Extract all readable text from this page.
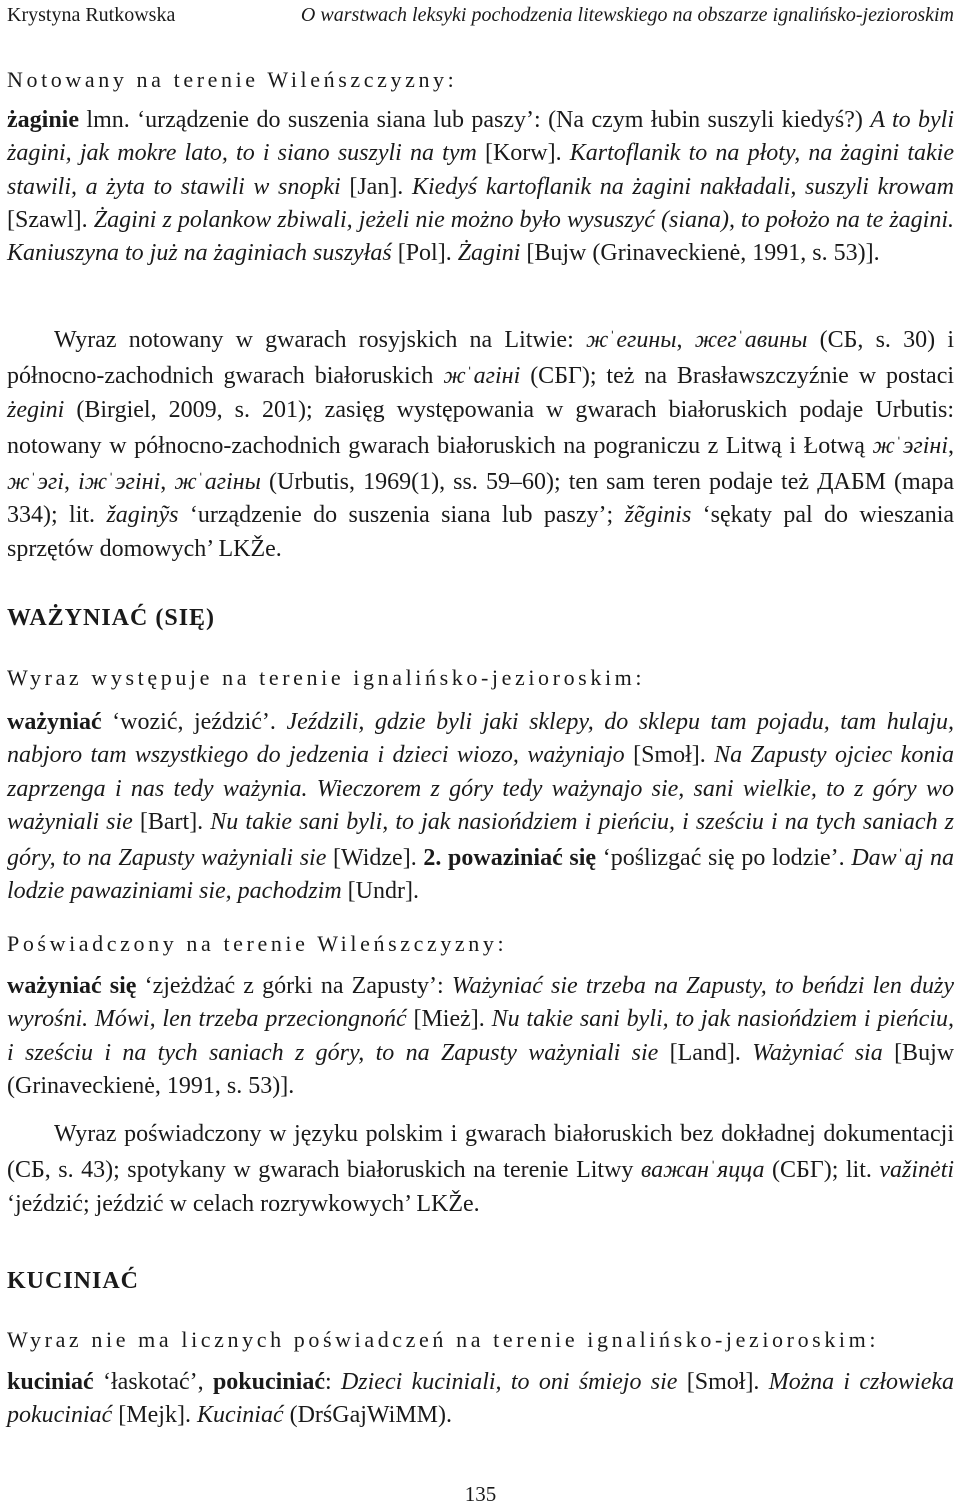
Krystyna Rutkowska	O warstwach leksyki pochodzenia litewskiego na obszarze ignalińsko-jezioroskim
Notowany na terenie Wileńszczyzny:
żaginie lmn. ‘urządzenie do suszenia siana lub paszy’: (Na czym łubin suszyli kiedyś?) A to byli żagini, jak mokre lato, to i siano suszyli na tym [Korw]. Kartoflanik to na płoty, na żagini takie stawili, a żyta to stawili w snopki [Jan]. Kiedyś kartoflanik na żagini nakładali, suszyli krowam [Szawl]. Żagini z polankow zbiwali, jeżeli nie możno było wysuszyć (siana), to położo na te żagini. Kaniuszyna to już na żaginiach suszyłaś [Pol]. Żagini [Bujw (Grinaveckienė, 1991, s. 53)].
Wyraz notowany w gwarach rosyjskich na Litwie: жˈегины, жегˈавины (СБ, s. 30) i północno-zachodnich gwarach białoruskich жˈагіні (СБГ); też na Brasławszczyźnie w postaci żegini (Birgiel, 2009, s. 201); zasięg występowania w gwarach białoruskich podaje Urbutis: notowany w północno-zachodnich gwarach białoruskich na pograniczu z Litwą i Łotwą жˈэгіні, жˈэгі, іжˈэгіні, жˈагіны (Urbutis, 1969(1), ss. 59–60); ten sam teren podaje też ДАБМ (mapa 334); lit. žaginỹs ‘urządzenie do suszenia siana lub paszy’; žẽginis ‘sękaty pal do wieszania sprzętów domowych’ LKŽe.
WAŻYNIAĆ (SIĘ)
Wyraz występuje na terenie ignalińsko-jezioroskim:
ważyniać ‘wozić, jeździć’. Jeździli, gdzie byli jaki sklepy, do sklepu tam pojadu, tam hulaju, nabjoro tam wszystkiego do jedzenia i dzieci wiozo, ważyniajo [Smoł]. Na Zapusty ojciec konia zaprzenga i nas tedy ważynia. Wieczorem z góry tedy ważynajo sie, sani wielkie, to z góry wo ważyniali sie [Bart]. Nu takie sani byli, to jak nasiońdziem i pieńciu, i sześciu i na tych saniach z góry, to na Zapusty ważyniali sie [Widze]. 2. powaziniać się ‘poślizgać się po lodzie’. Dawˈaj na lodzie pawaziniami sie, pachodzim [Undr].
Poświadczony na terenie Wileńszczyzny:
ważyniać się ‘zjeżdżać z górki na Zapusty’: Ważyniać sie trzeba na Zapusty, to beńdzi len duży wyrośni. Mówi, len trzeba przeciongnońć [Mież]. Nu takie sani byli, to jak nasiońdziem i pieńciu, i sześciu i na tych saniach z góry, to na Zapusty ważyniali sie [Land]. Ważyniać sia [Bujw (Grinaveckienė, 1991, s. 53)].
Wyraz poświadczony w języku polskim i gwarach białoruskich bez dokładnej dokumentacji (СБ, s. 43); spotykany w gwarach białoruskich na terenie Litwy важанˈяцца (СБГ); lit. važinėti ‘jeździć; jeździć w celach rozrywkowych’ LKŽe.
KUCINIAĆ
Wyraz nie ma licznych poświadczeń na terenie ignalińsko-jezioroskim:
kuciniać ‘łaskotać’, pokuciniać: Dzieci kuciniali, to oni śmiejo sie [Smoł]. Można i człowieka pokuciniać [Mejk]. Kuciniać (DrśGajWiMM).
135
